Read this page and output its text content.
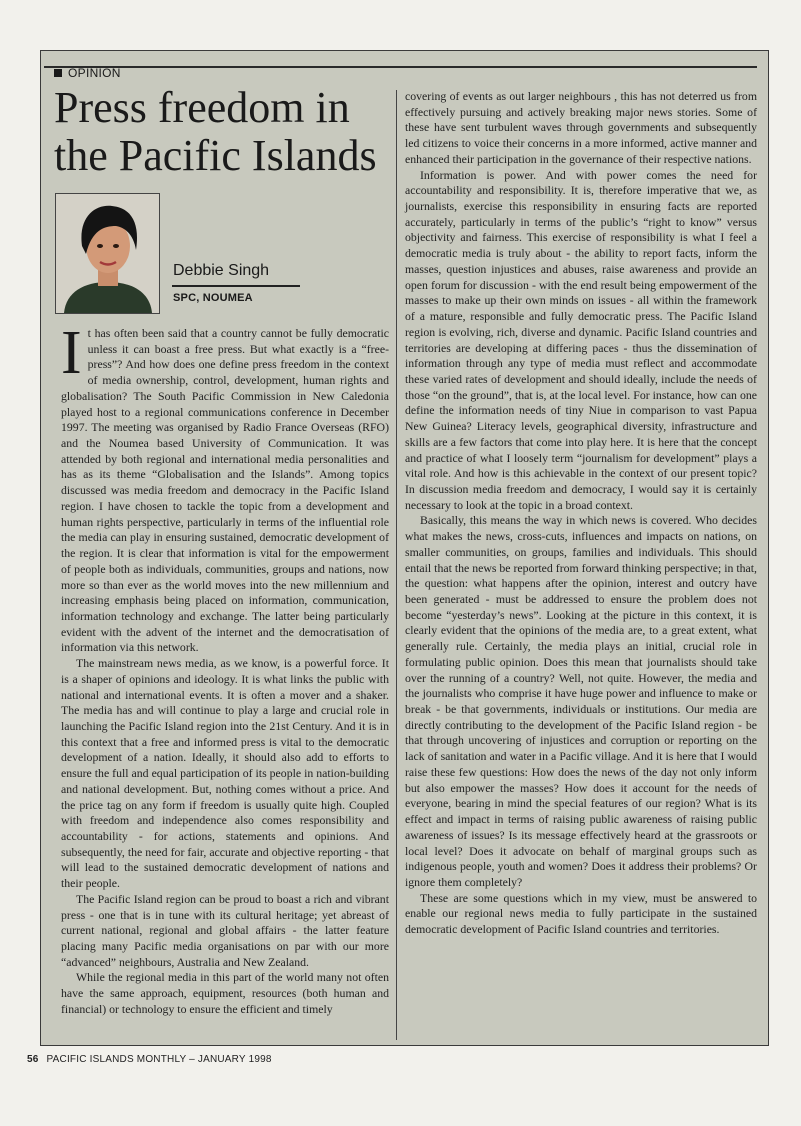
OPINION
Press freedom in the Pacific Islands
Debbie Singh
SPC, NOUMEA

It has often been said that a country cannot be fully democratic unless it can boast a free press. But what exactly is a “free-press”? And how does one define press freedom in the context of media ownership, control, development, human rights and globalisation? The South Pacific Commission in New Caledonia played host to a regional communications conference in December 1997. The meeting was organised by Radio France Overseas (RFO) and the Noumea based University of Communication. It was attended by both regional and international media personalities and has as its theme “Globalisation and the Islands”. Among topics discussed was media freedom and democracy in the Pacific Island region. I have chosen to tackle the topic from a development and human rights perspective, particularly in terms of the influential role the media can play in ensuring sustained, democratic development of the region. It is clear that information is vital for the empowerment of people both as individuals, communities, groups and nations, now more so than ever as the world moves into the new millennium and increasing emphasis being placed on information, communication, information technology and exchange. The latter being particularly evident with the advent of the internet and the democratisation of information via this network.

The mainstream news media, as we know, is a powerful force. It is a shaper of opinions and ideology. It is what links the public with national and international events. It is often a mover and a shaker. The media has and will continue to play a large and crucial role in launching the Pacific Island region into the 21st Century. And it is in this context that a free and informed press is vital to the democratic development of a nation. Ideally, it should also add to efforts to ensure the full and equal participation of its people in nation-building and national development. But, nothing comes without a price. And the price tag on any form if freedom is usually quite high. Coupled with freedom and independence also comes responsibility and accountability - for actions, statements and opinions. And subsequently, the need for fair, accurate and objective reporting - that will lead to the sustained democratic development of nations and their people.

The Pacific Island region can be proud to boast a rich and vibrant press - one that is in tune with its cultural heritage; yet abreast of current national, regional and global affairs - the latter feature placing many Pacific media organisations on par with our more “advanced” neighbours, Australia and New Zealand.

While the regional media in this part of the world many not often have the same approach, equipment, resources (both human and financial) or technology to ensure the efficient and timely

covering of events as out larger neighbours , this has not deterred us from effectively pursuing and actively breaking major news stories. Some of these have sent turbulent waves through governments and subsequently led citizens to voice their concerns in a more informed, active manner and enhanced their participation in the governance of their respective nations.

Information is power. And with power comes the need for accountability and responsibility. It is, therefore imperative that we, as journalists, exercise this responsibility in ensuring facts are reported accurately, particularly in terms of the public’s “right to know” versus objectivity and fairness. This exercise of responsibility is what I feel a democratic media is truly about - the ability to report facts, inform the masses, question injustices and abuses, raise awareness and provide an open forum for discussion - with the end result being empowerment of the masses to make up their own minds on issues - all within the framework of a mature, responsible and fully democratic press. The Pacific Island region is evolving, rich, diverse and dynamic. Pacific Island countries and territories are developing at differing paces - thus the dissemination of information through any type of media must reflect and accommodate these varied rates of development and should ideally, include the needs of those “on the ground”, that is, at the local level. For instance, how can one define the information needs of tiny Niue in comparison to vast Papua New Guinea? Literacy levels, geographical diversity, infrastructure and skills are a few factors that come into play here. It is here that the concept and practice of what I loosely term “journalism for development” plays a vital role. And how is this achievable in the context of our present topic? In discussion media freedom and democracy, I would say it is certainly necessary to look at the topic in a broad context.

Basically, this means the way in which news is covered. Who decides what makes the news, cross-cuts, influences and impacts on nations, on smaller communities, on groups, families and individuals. This should entail that the news be reported from forward thinking perspective; in that, the question: what happens after the opinion, interest and outcry have been generated - must be addressed to ensure the problem does not become “yesterday’s news”. Looking at the picture in this context, it is clearly evident that the opinions of the media are, to a great extent, what generally rule. Certainly, the media plays an initial, crucial role in formulating public opinion. Does this mean that journalists should take over the running of a country? Well, not quite. However, the media and the journalists who comprise it have huge power and influence to make or break - be that governments, individuals or institutions. Our media are directly contributing to the development of the Pacific Island region - be that through uncovering of injustices and corruption or reporting on the lack of sanitation and water in a Pacific village. And it is here that I would raise these few questions: How does the news of the day not only inform but also empower the masses? How does it account for the needs of everyone, bearing in mind the special features of our region? What is its effect and impact in terms of raising public awareness of raising public awareness of issues? Is its message effectively heard at the grassroots or local level? Does it advocate on behalf of marginal groups such as indigenous people, youth and women? Does it address their problems? Or ignore them completely?

These are some questions which in my view, must be answered to enable our regional news media to fully participate in the sustained democratic development of Pacific Island countries and territories.

56 PACIFIC ISLANDS MONTHLY – JANUARY 1998
